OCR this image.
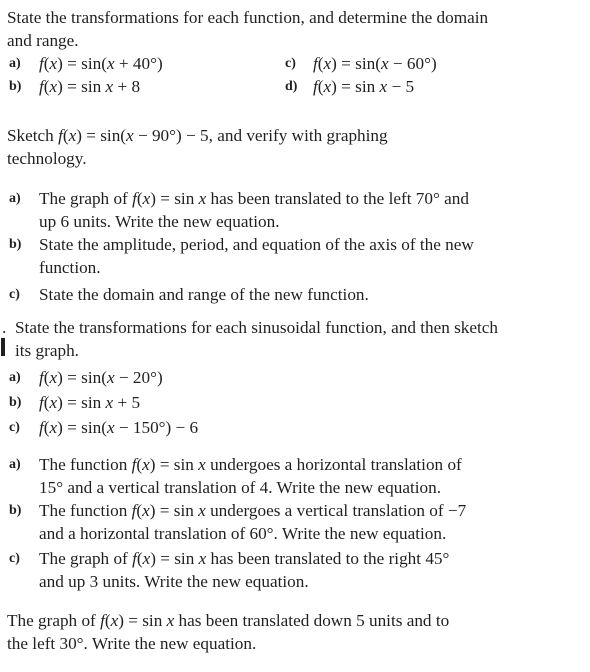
State the transformations for each function, and determine the domain
and range.
a) f(x) = sin(x + 40°)
b) f(x) = sin x + 8
c) f(x) = sin(x − 60°)
d) f(x) = sin x − 5
Sketch f(x) = sin(x − 90°) − 5, and verify with graphing
technology.
a) The graph of f(x) = sin x has been translated to the left 70° and
up 6 units. Write the new equation.
b) State the amplitude, period, and equation of the axis of the new
function.
c) State the domain and range of the new function.
. State the transformations for each sinusoidal function, and then sketch
its graph.
a) f(x) = sin(x − 20°)
b) f(x) = sin x + 5
c) f(x) = sin(x − 150°) − 6
a) The function f(x) = sin x undergoes a horizontal translation of
15° and a vertical translation of 4. Write the new equation.
b) The function f(x) = sin x undergoes a vertical translation of −7
and a horizontal translation of 60°. Write the new equation.
c) The graph of f(x) = sin x has been translated to the right 45°
and up 3 units. Write the new equation.
The graph of f(x) = sin x has been translated down 5 units and to
the left 30°. Write the new equation.
